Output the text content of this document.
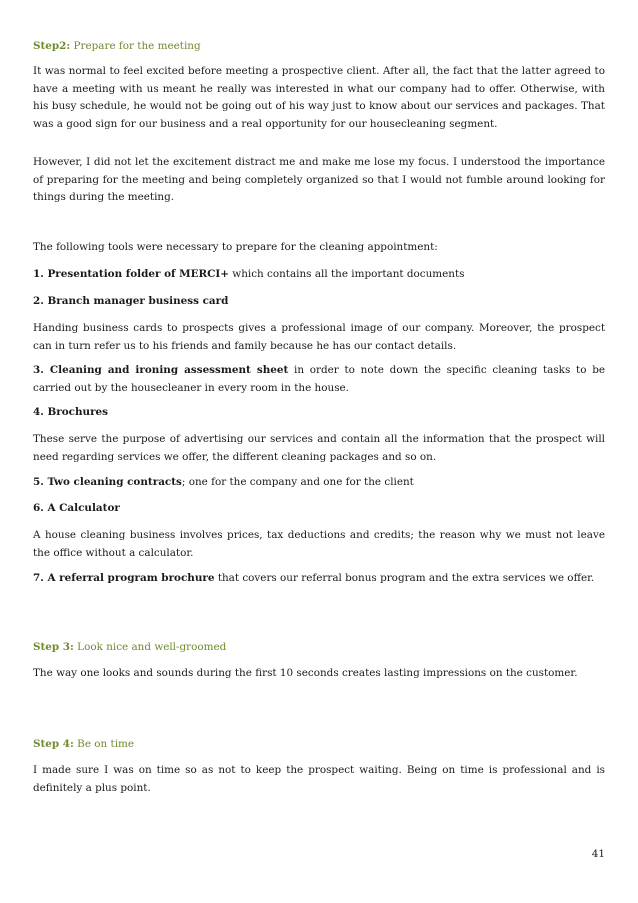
Step2: Prepare for the meeting

It was normal to feel excited before meeting a prospective client. After all, the fact that the latter agreed to have a meeting with us meant he really was interested in what our company had to offer. Otherwise, with his busy schedule, he would not be going out of his way just to know about our services and packages. That was a good sign for our business and a real opportunity for our housecleaning segment.

However, I did not let the excitement distract me and make me lose my focus. I understood the importance of preparing for the meeting and being completely organized so that I would not fumble around looking for things during the meeting.

The following tools were necessary to prepare for the cleaning appointment:

1. Presentation folder of MERCI+ which contains all the important documents

2. Branch manager business card

Handing business cards to prospects gives a professional image of our company. Moreover, the prospect can in turn refer us to his friends and family because he has our contact details.

3. Cleaning and ironing assessment sheet in order to note down the specific cleaning tasks to be carried out by the housecleaner in every room in the house.

4. Brochures

These serve the purpose of advertising our services and contain all the information that the prospect will need regarding services we offer, the different cleaning packages and so on.

5. Two cleaning contracts; one for the company and one for the client

6. A Calculator

A house cleaning business involves prices, tax deductions and credits; the reason why we must not leave the office without a calculator.

7. A referral program brochure that covers our referral bonus program and the extra services we offer.

Step 3: Look nice and well-groomed

The way one looks and sounds during the first 10 seconds creates lasting impressions on the customer.

Step 4: Be on time

I made sure I was on time so as not to keep the prospect waiting. Being on time is professional and is definitely a plus point.

41
